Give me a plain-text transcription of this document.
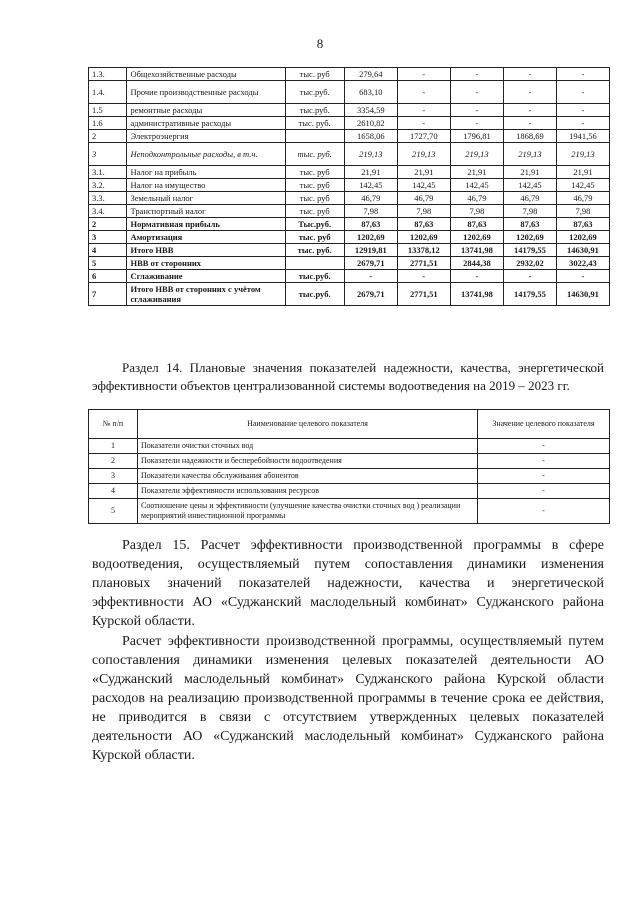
8
1.3.	Общехозяйственные расходы	тыс. руб	279,64	-	-	-	-
1.4.	Прочие производственные расходы	тыс.руб.	683,10	-	-	-	-
1.5	ремонтные расходы	тыс.руб.	3354,59	-	-	-	-
1.6	административные расходы	тыс. руб.	2610,82	-	-	-	-
2	Электроэнергия		1658,06	1727,70	1796,81	1868,69	1941,56
3	Неподконтрольные расходы, в т.ч.	тыс. руб.	219,13	219,13	219,13	219,13	219,13
3.1.	Налог на прибыль	тыс. руб	21,91	21,91	21,91	21,91	21,91
3.2.	Налог на имущество	тыс. руб	142,45	142,45	142,45	142,45	142,45
3.3.	Земельный налог	тыс. руб	46,79	46,79	46,79	46,79	46,79
3.4.	Транспортный налог	тыс. руб	7,98	7,98	7,98	7,98	7,98
2	Нормативная прибыль	Тыс.руб.	87,63	87,63	87,63	87,63	87,63
3	Амортизация	тыс. руб	1202,69	1202,69	1202,69	1202,69	1202,69
4	Итого НВВ	тыс. руб.	12919,81	13378,12	13741,98	14179,55	14630,91
5	НВВ от сторонних		2679,71	2771,51	2844,38	2932,02	3022,43
6	Сглаживание	тыс.руб.	-	-	-	-	-
7	Итого НВВ от сторонних с учётом сглаживания	тыс.руб.	2679,71	2771,51	13741,98	14179,55	14630,91
Раздел 14. Плановые значения показателей надежности, качества, энергетической эффективности объектов централизованной системы водоотведения на 2019 – 2023 гг.
№ п/п	Наименование целевого показателя	Значение целевого показателя
1	Показатели очистки сточных вод	-
2	Показатели надежности и бесперебойности водоотведения	-
3	Показатели качества обслуживания абонентов	-
4	Показатели эффективности использования ресурсов	-
5	Соотношение цены и эффективности (улучшение качества очистки сточных вод ) реализации мероприятий инвестиционной программы	-
Раздел 15. Расчет эффективности производственной программы в сфере водоотведения, осуществляемый путем сопоставления динамики изменения плановых значений показателей надежности, качества и энергетической эффективности АО «Суджанский маслодельный комбинат» Суджанского района Курской области.
Расчет эффективности производственной программы, осуществляемый путем сопоставления динамики изменения целевых показателей деятельности АО «Суджанский маслодельный комбинат» Суджанского района Курской области расходов на реализацию производственной программы в течение срока ее действия, не приводится в связи с отсутствием утвержденных целевых показателей деятельности АО «Суджанский маслодельный комбинат» Суджанского района Курской области.
